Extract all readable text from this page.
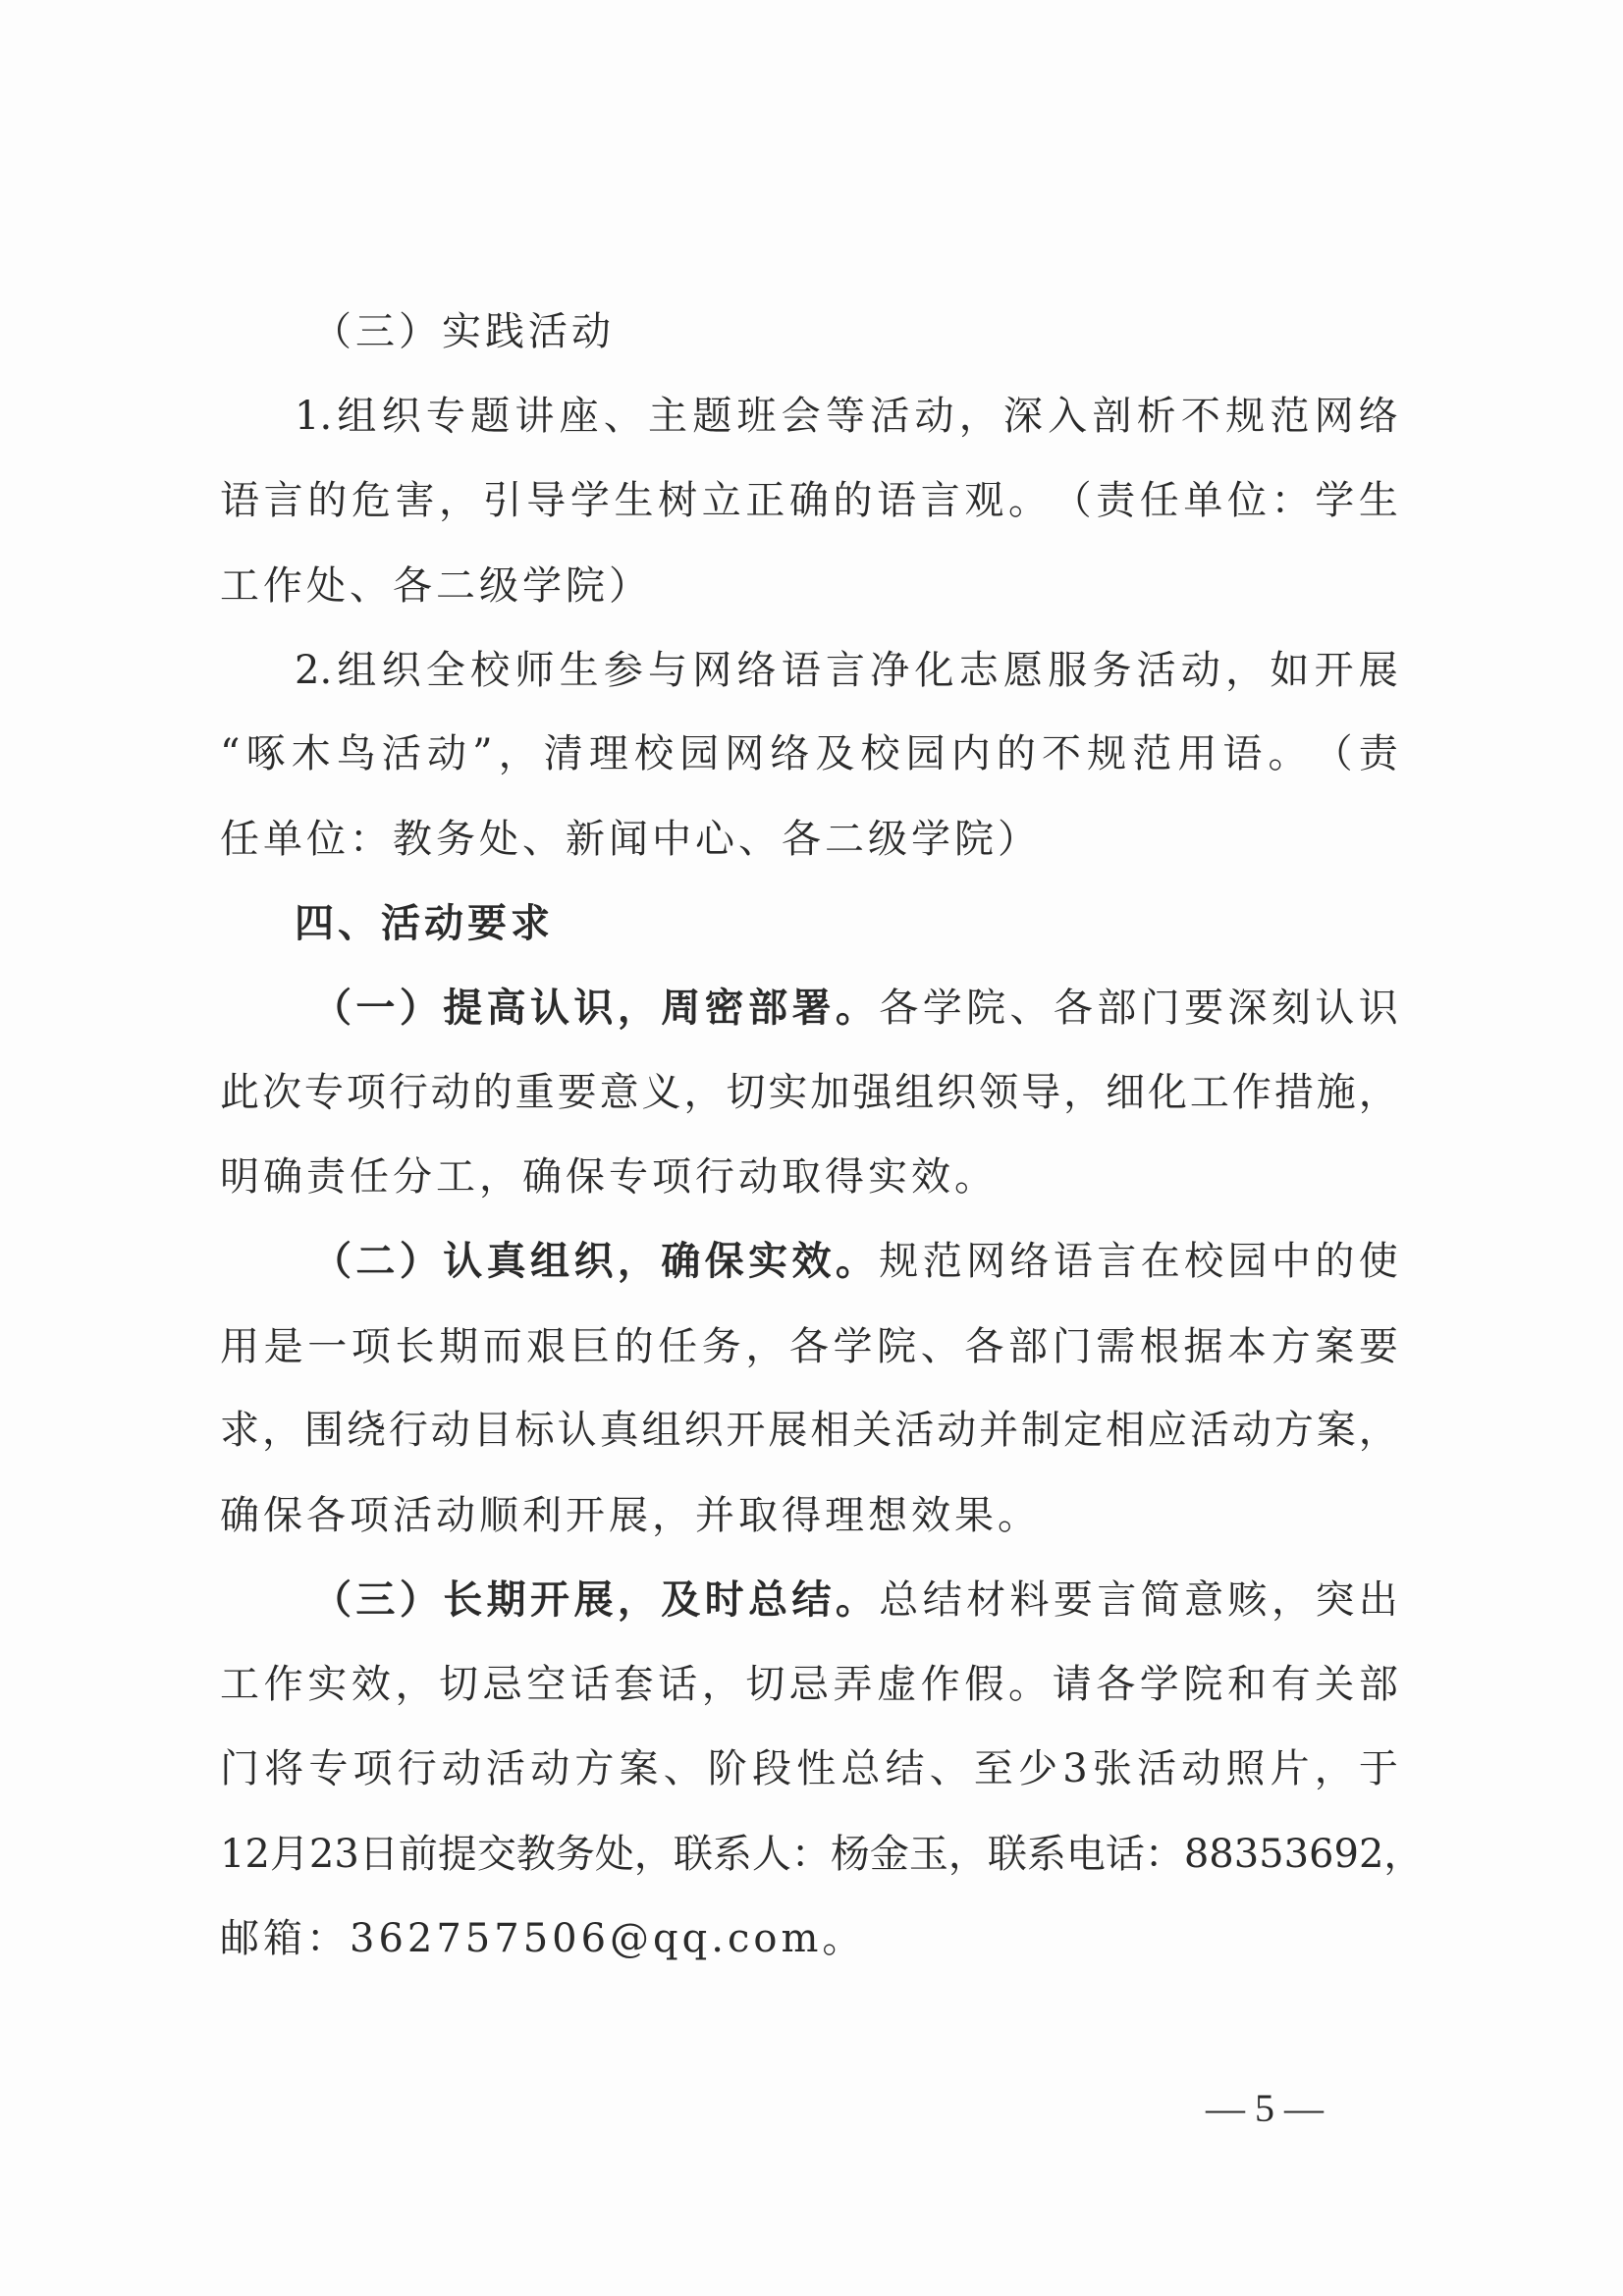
（三）实践活动
1. 组 织 专 题 讲 座 、 主 题 班 会 等 活 动 ， 深 入 剖 析 不 规 范 网 络
语 言 的 危 害 ， 引 导 学 生 树 立 正 确 的 语 言 观 。 （ 责 任 单 位 ： 学 生
工作处、各二级学院）
2. 组 织 全 校 师 生 参 与 网 络 语 言 净 化 志 愿 服 务 活 动 ， 如 开 展
“ 啄 木 鸟 活 动 ” ， 清 理 校 园 网 络 及 校 园 内 的 不 规 范 用 语 。 （ 责
任单位：教务处、新闻中心、各二级学院）
四、活动要求
（ 一 ） 提 高 认 识 ， 周 密 部 署 。 各 学 院 、 各 部 门 要 深 刻 认 识
此 次 专 项 行 动 的 重 要 意 义 ， 切 实 加 强 组 织 领 导 ， 细 化 工 作 措 施 ，
明确责任分工，确保专项行动取得实效。
（ 二 ） 认 真 组 织 ， 确 保 实 效 。 规 范 网 络 语 言 在 校 园 中 的 使
用 是 一 项 长 期 而 艰 巨 的 任 务 ， 各 学 院 、 各 部 门 需 根 据 本 方 案 要
求 ， 围 绕 行 动 目 标 认 真 组 织 开 展 相 关 活 动 并 制 定 相 应 活 动 方 案 ，
确保各项活动顺利开展，并取得理想效果。
（ 三 ） 长 期 开 展 ， 及 时 总 结 。 总 结 材 料 要 言 简 意 赅 ， 突 出
工 作 实 效 ， 切 忌 空 话 套 话 ， 切 忌 弄 虚 作 假 。 请 各 学 院 和 有 关 部
门 将 专 项 行 动 活 动 方 案 、 阶 段 性 总 结 、 至 少 3 张 活 动 照 片 ， 于
12 月 23 日 前 提 交 教 务 处 ， 联 系 人 ： 杨 金 玉 ， 联 系 电 话 ： 88353692 ，
邮箱：362757506@qq.com。
— 5 —
